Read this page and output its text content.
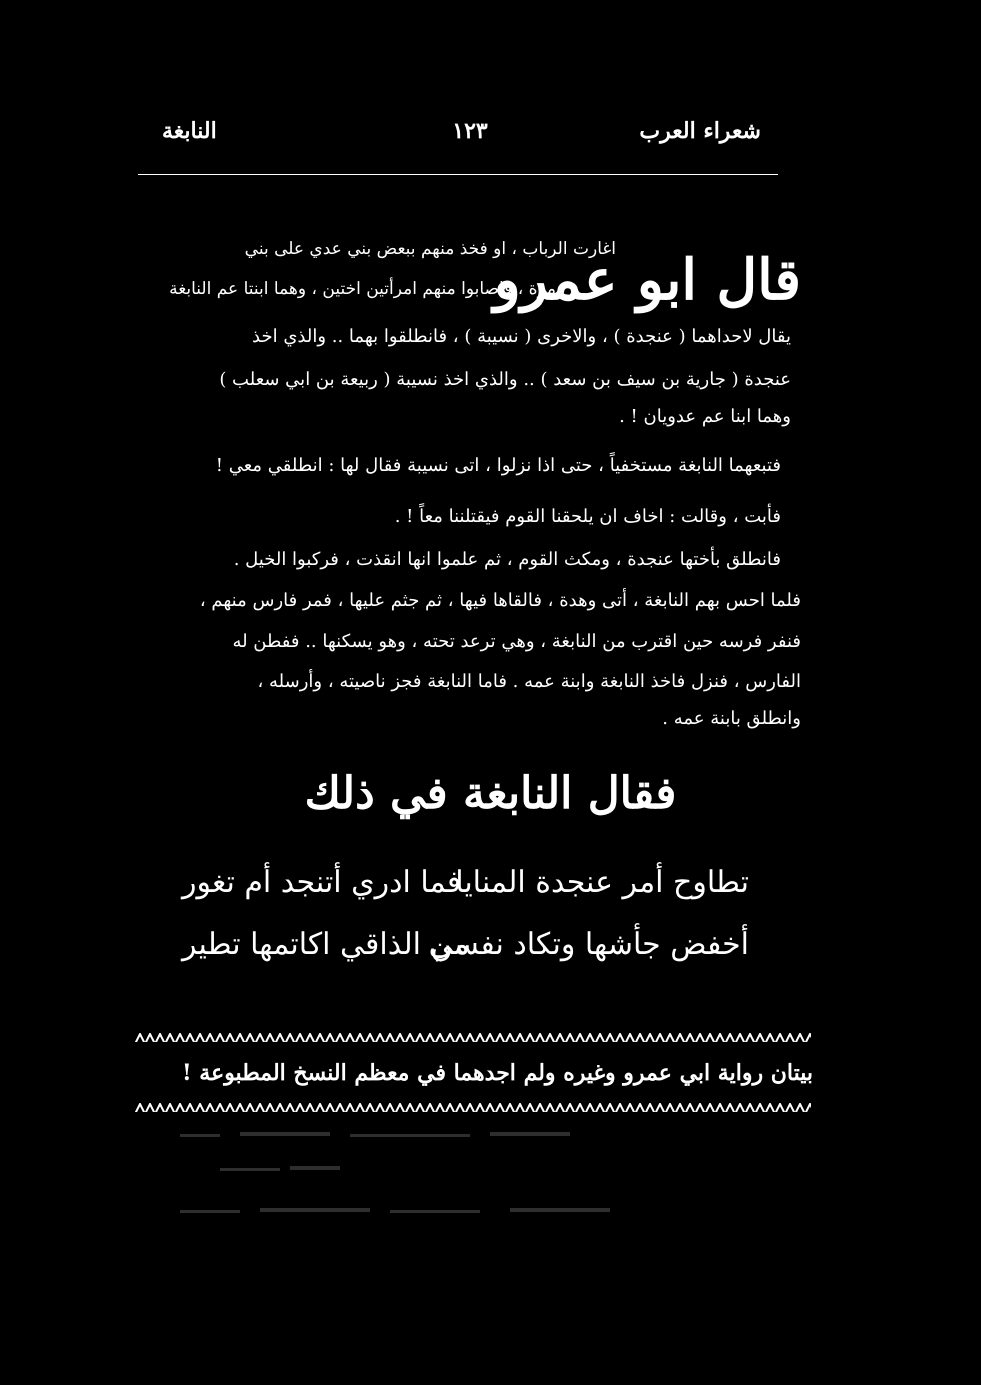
شعراء العرب
١٢٣
النابغة
قال ابو عمرو
اغارت الرباب ، او فخذ منهم ببعض بني عدي على بني
مرة ، فاصابوا منهم امرأتين اختين ، وهما ابنتا عم النابغة
يقال لاحداهما ( عنجدة ) ، والاخرى ( نسيبة ) ، فانطلقوا بهما .. والذي اخذ
عنجدة ( جارية بن سيف بن سعد ) .. والذي اخذ نسيبة ( ربيعة بن ابي سعلب )
وهما ابنا عم عدويان ! .
فتبعهما النابغة مستخفياً ، حتى اذا نزلوا ، اتى نسيبة فقال لها : انطلقي معي !
فأبت ، وقالت : اخاف ان يلحقنا القوم فيقتلننا معاً ! .
فانطلق بأختها عنجدة ، ومكث القوم ، ثم علموا انها انقذت ، فركبوا الخيل .
فلما احس بهم النابغة ، أتى وهدة ، فالقاها فيها ، ثم جثم عليها ، فمر فارس منهم ،
فنفر فرسه حين اقترب من النابغة ، وهي ترعد تحته ، وهو يسكنها .. ففطن له
الفارس ، فنزل فاخذ النابغة وابنة عمه . فاما النابغة فجز ناصيته ، وأرسله ،
وانطلق بابنة عمه .
فقال النابغة في ذلك
تطاوح أمر عنجدة المنايا
فما ادري أتنجد أم تغور
أخفض جأشها وتكاد نفسي
من الذاقي اكاتمها تطير
بيتان رواية ابي عمرو وغيره ولم اجدهما في معظم النسخ المطبوعة !
